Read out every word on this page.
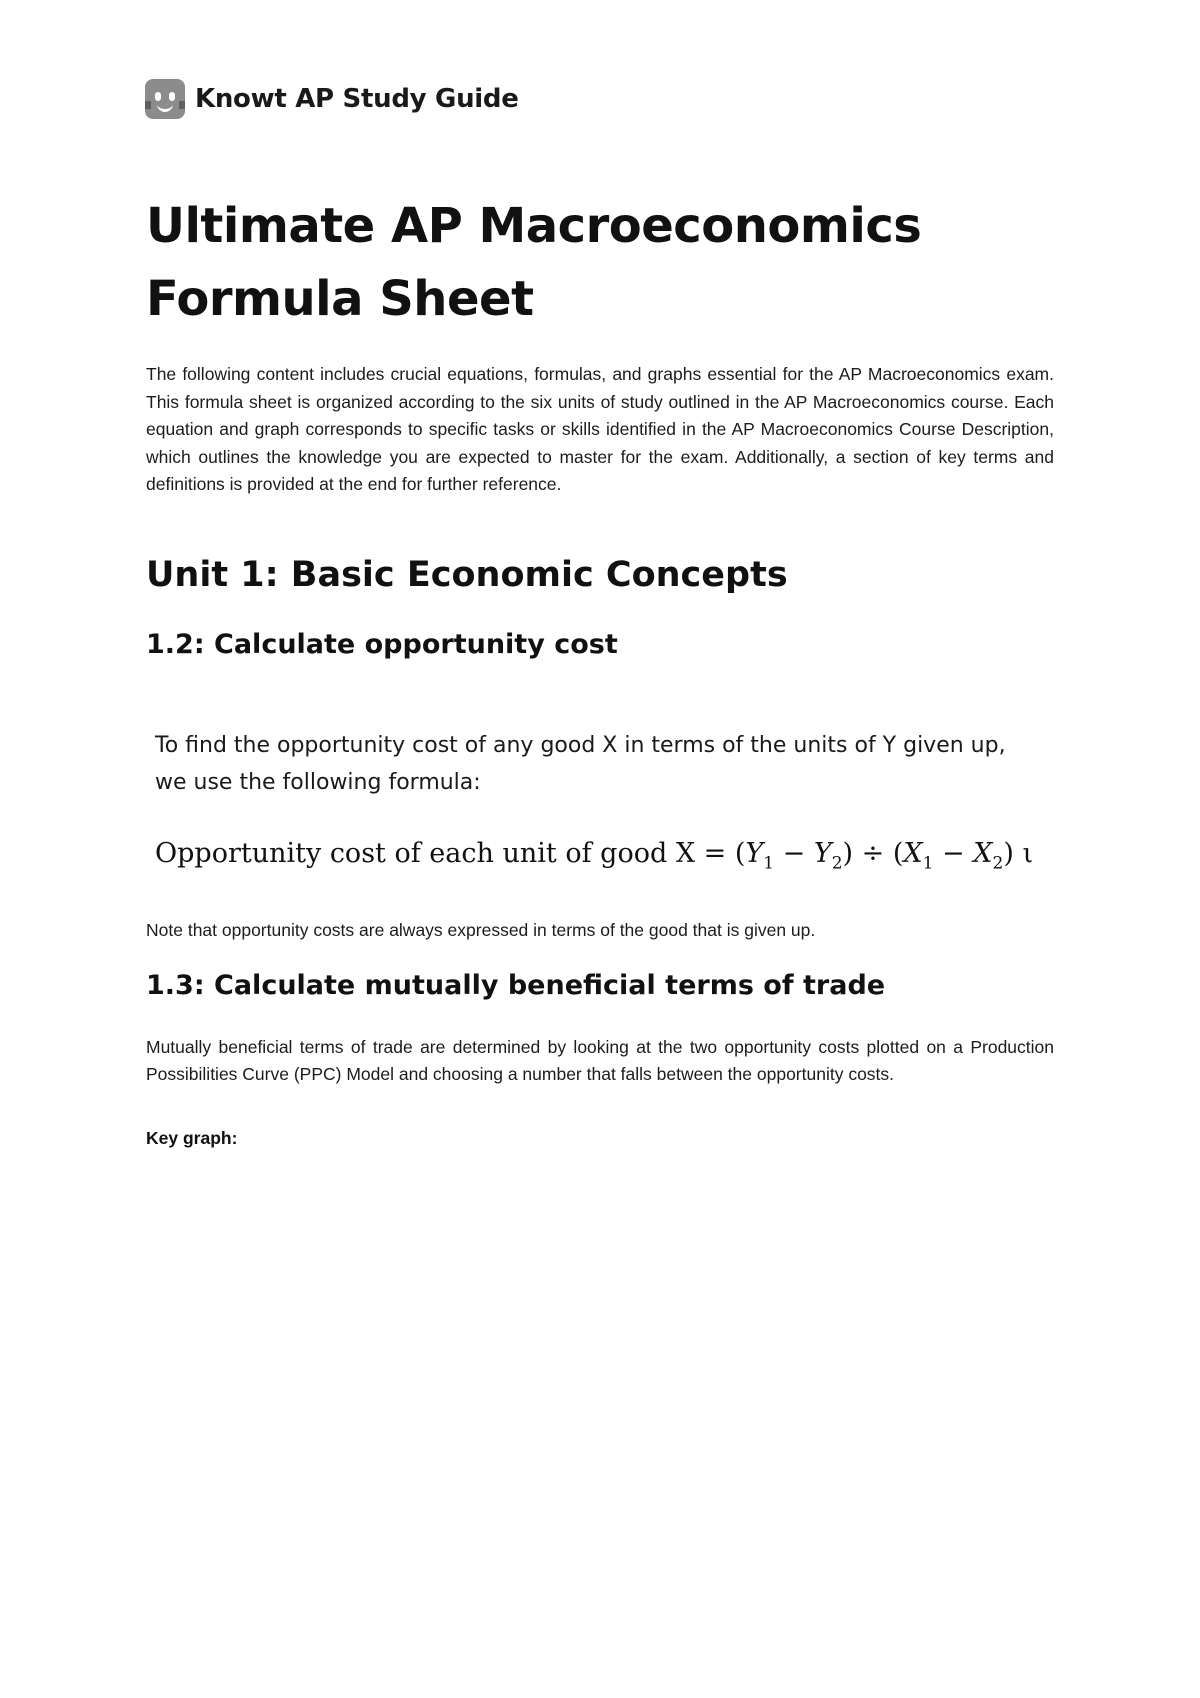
Knowt AP Study Guide
Ultimate AP Macroeconomics Formula Sheet

The following content includes crucial equations, formulas, and graphs essential for the AP Macroeconomics exam. This formula sheet is organized according to the six units of study outlined in the AP Macroeconomics course. Each equation and graph corresponds to specific tasks or skills identified in the AP Macroeconomics Course Description, which outlines the knowledge you are expected to master for the exam. Additionally, a section of key terms and definitions is provided at the end for further reference.

Unit 1: Basic Economic Concepts
1.2: Calculate opportunity cost
To find the opportunity cost of any good X in terms of the units of Y given up,
we use the following formula:
Opportunity cost of each unit of good $X = (Y_1 - Y_2) \div (X_1 - X_2)$ ι

Note that opportunity costs are always expressed in terms of the good that is given up.

1.3: Calculate mutually beneficial terms of trade

Mutually beneficial terms of trade are determined by looking at the two opportunity costs plotted on a Production Possibilities Curve (PPC) Model and choosing a number that falls between the opportunity costs.

Key graph:
